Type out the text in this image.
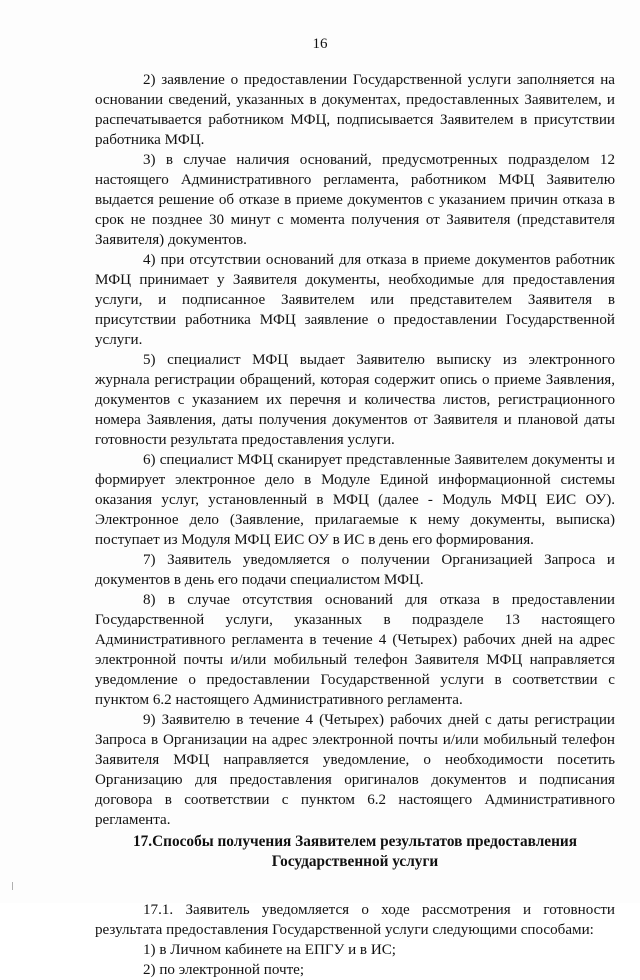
16

2) заявление о предоставлении Государственной услуги заполняется на основании сведений, указанных в документах, предоставленных Заявителем, и распечатывается работником МФЦ, подписывается Заявителем в присутствии работника МФЦ.

3) в случае наличия оснований, предусмотренных подразделом 12 настоящего Административного регламента, работником МФЦ Заявителю выдается решение об отказе в приеме документов с указанием причин отказа в срок не позднее 30 минут с момента получения от Заявителя (представителя Заявителя) документов.

4) при отсутствии оснований для отказа в приеме документов работник МФЦ принимает у Заявителя документы, необходимые для предоставления услуги, и подписанное Заявителем или представителем Заявителя в присутствии работника МФЦ заявление о предоставлении Государственной услуги.

5) специалист МФЦ выдает Заявителю выписку из электронного журнала регистрации обращений, которая содержит опись о приеме Заявления, документов с указанием их перечня и количества листов, регистрационного номера Заявления, даты получения документов от Заявителя и плановой даты готовности результата предоставления услуги.

6) специалист МФЦ сканирует представленные Заявителем документы и формирует электронное дело в Модуле Единой информационной системы оказания услуг, установленный в МФЦ (далее - Модуль МФЦ ЕИС ОУ). Электронное дело (Заявление, прилагаемые к нему документы, выписка) поступает из Модуля МФЦ ЕИС ОУ в ИС в день его формирования.

7) Заявитель уведомляется о получении Организацией Запроса и документов в день его подачи специалистом МФЦ.

8) в случае отсутствия оснований для отказа в предоставлении Государственной услуги, указанных в подразделе 13 настоящего Административного регламента в течение 4 (Четырех) рабочих дней на адрес электронной почты и/или мобильный телефон Заявителя МФЦ направляется уведомление о предоставлении Государственной услуги в соответствии с пунктом 6.2 настоящего Административного регламента.

9) Заявителю в течение 4 (Четырех) рабочих дней с даты регистрации Запроса в Организации на адрес электронной почты и/или мобильный телефон Заявителя МФЦ направляется уведомление, о необходимости посетить Организацию для предоставления оригиналов документов и подписания договора в соответствии с пунктом 6.2 настоящего Административного регламента.

17.Способы получения Заявителем результатов предоставления Государственной услуги

17.1. Заявитель уведомляется о ходе рассмотрения и готовности результата предоставления Государственной услуги следующими способами:

1) в Личном кабинете на ЕПГУ и в ИС;

2) по электронной почте;
